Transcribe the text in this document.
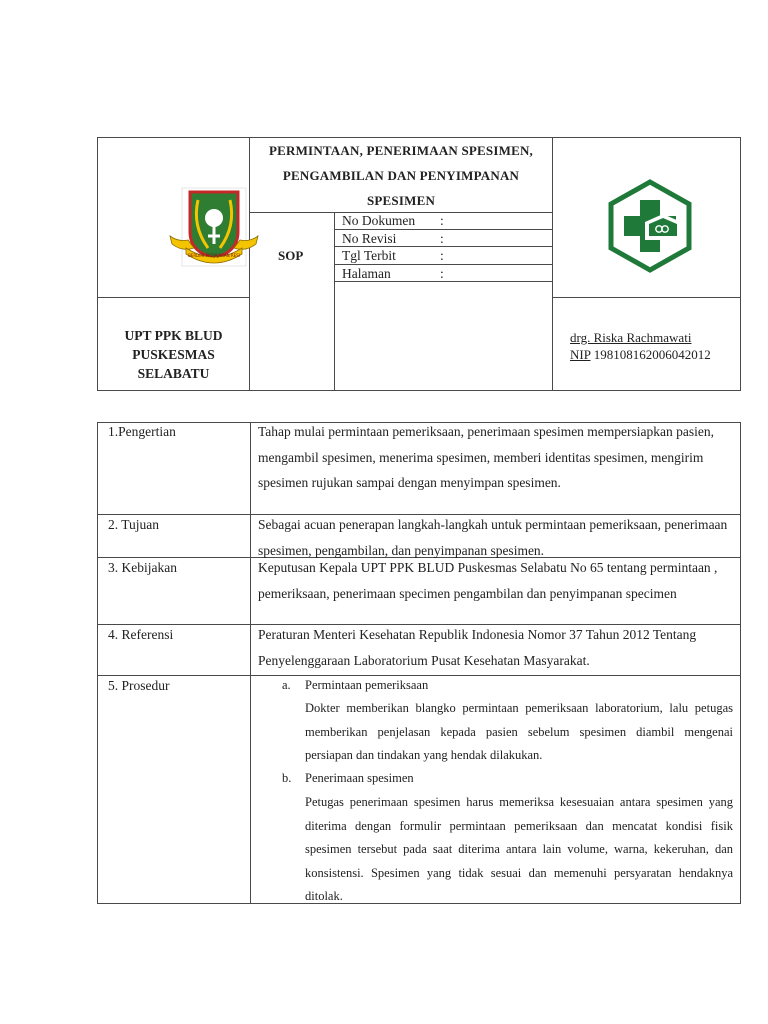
BERDIRI PADJAJARAN RESI
PERMINTAAN, PENERIMAAN SPESIMEN,
PENGAMBILAN DAN PENYIMPANAN
SPESIMEN
SOP
No Dokumen :
No Revisi	:
Tgl Terbit	:
Halaman	:
UPT PPK BLUD
PUSKESMAS
SELABATU
drg. Riska Rachmawati
NIP 198108162006042012
1.Pengertian	Tahap mulai permintaan pemeriksaan, penerimaan spesimen mempersiapkan pasien, mengambil spesimen, menerima spesimen, memberi identitas spesimen, mengirim spesimen rujukan sampai dengan menyimpan spesimen.
2. Tujuan	Sebagai acuan penerapan langkah-langkah untuk permintaan pemeriksaan, penerimaan spesimen, pengambilan, dan penyimpanan spesimen.
3. Kebijakan	Keputusan Kepala UPT PPK BLUD Puskesmas Selabatu No 65 tentang permintaan , pemeriksaan, penerimaan specimen pengambilan dan penyimpanan specimen
4. Referensi	Peraturan Menteri Kesehatan Republik Indonesia Nomor 37 Tahun 2012 Tentang Penyelenggaraan Laboratorium Pusat Kesehatan Masyarakat.
5. Prosedur	a. Permintaan pemeriksaan
Dokter memberikan blangko permintaan pemeriksaan laboratorium, lalu petugas memberikan penjelasan kepada pasien sebelum spesimen diambil mengenai persiapan dan tindakan yang hendak dilakukan.
b. Penerimaan spesimen
Petugas penerimaan spesimen harus memeriksa kesesuaian antara spesimen yang diterima dengan formulir permintaan pemeriksaan dan mencatat kondisi fisik spesimen tersebut pada saat diterima antara lain volume, warna, kekeruhan, dan konsistensi. Spesimen yang tidak sesuai dan memenuhi persyaratan hendaknya ditolak.
